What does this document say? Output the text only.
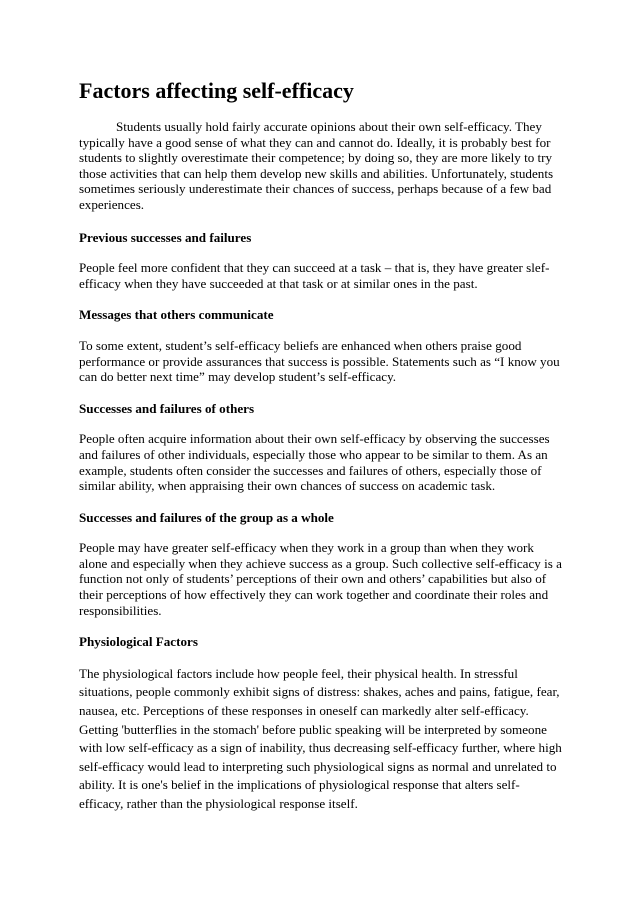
Factors affecting self-efficacy

Students usually hold fairly accurate opinions about their own self-efficacy. They typically have a good sense of what they can and cannot do. Ideally, it is probably best for students to slightly overestimate their competence; by doing so, they are more likely to try those activities that can help them develop new skills and abilities. Unfortunately, students sometimes seriously underestimate their chances of success, perhaps because of a few bad experiences.

Previous successes and failures

People feel more confident that they can succeed at a task – that is, they have greater slef-efficacy when they have succeeded at that task or at similar ones in the past.

Messages that others communicate

To some extent, student’s self-efficacy beliefs are enhanced when others praise good performance or provide assurances that success is possible. Statements such as “I know you can do better next time” may develop student’s self-efficacy.

Successes and failures of others

People often acquire information about their own self-efficacy by observing the successes and failures of other individuals, especially those who appear to be similar to them. As an example, students often consider the successes and failures of others, especially those of similar ability, when appraising their own chances of success on academic task.

Successes and failures of the group as a whole

People may have greater self-efficacy when they work in a group than when they work alone and especially when they achieve success as a group. Such collective self-efficacy is a function not only of students’ perceptions of their own and others’ capabilities but also of their perceptions of how effectively they can work together and coordinate their roles and responsibilities.

Physiological Factors

The physiological factors include how people feel, their physical health. In stressful situations, people commonly exhibit signs of distress: shakes, aches and pains, fatigue, fear, nausea, etc. Perceptions of these responses in oneself can markedly alter self-efficacy. Getting 'butterflies in the stomach' before public speaking will be interpreted by someone with low self-efficacy as a sign of inability, thus decreasing self-efficacy further, where high self-efficacy would lead to interpreting such physiological signs as normal and unrelated to ability. It is one's belief in the implications of physiological response that alters self-efficacy, rather than the physiological response itself.
